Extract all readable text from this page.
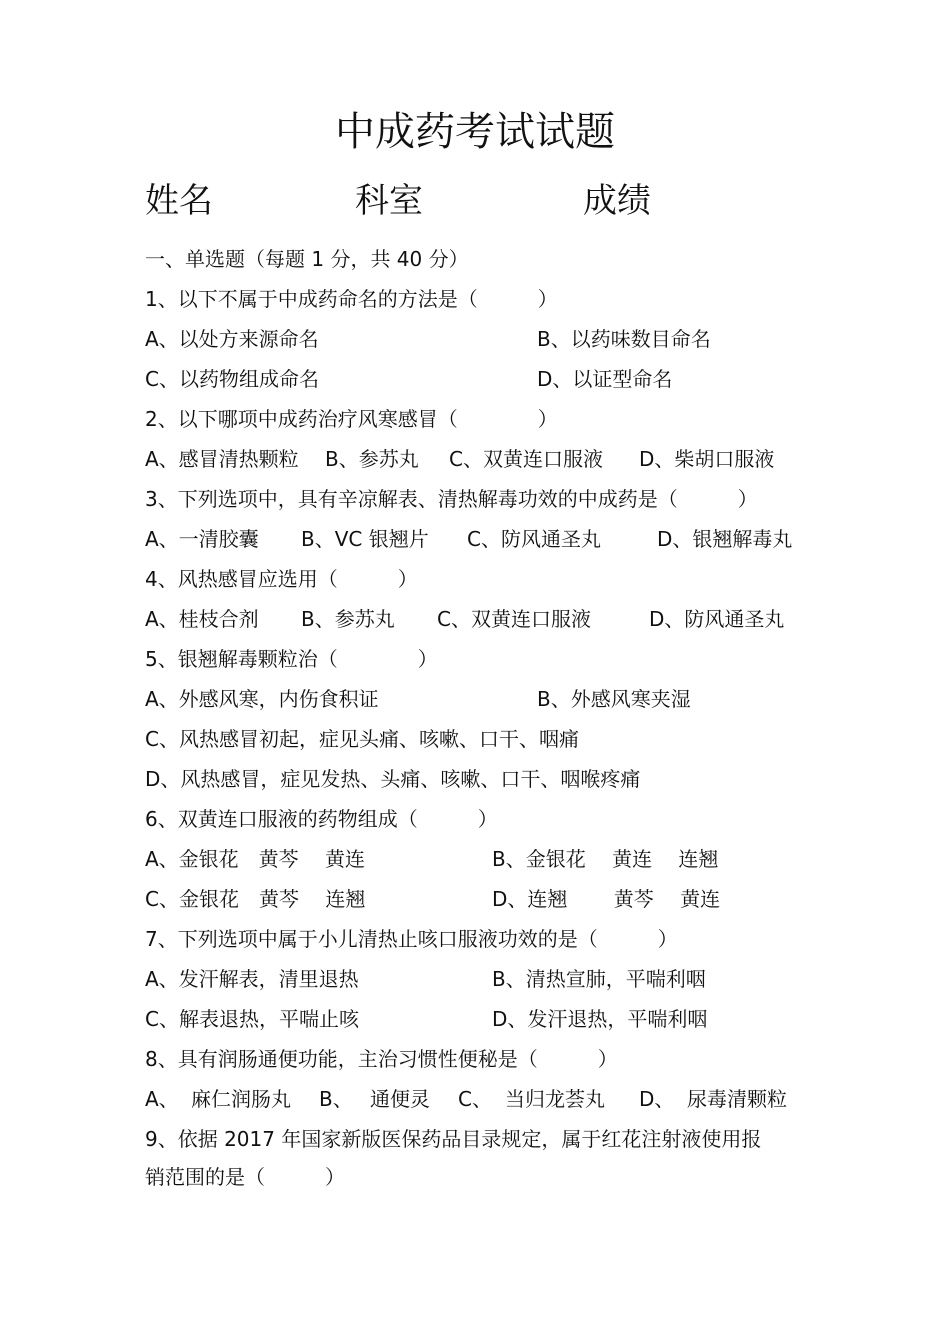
中成药考试试题
姓名	科室	成绩
一、单选题（每题 1 分，共 40 分）
1、以下不属于中成药命名的方法是（　　　）
A、以处方来源命名	B、以药味数目命名
C、以药物组成命名	D、以证型命名
2、以下哪项中成药治疗风寒感冒（　　　　）
A、感冒清热颗粒 B、参苏丸 C、双黄连口服液 D、柴胡口服液
3、下列选项中，具有辛凉解表、清热解毒功效的中成药是（　　　）
A、一清胶囊 B、VC 银翘片 C、防风通圣丸	D、银翘解毒丸
4、风热感冒应选用（　　　）
A、桂枝合剂 B、参苏丸 C、双黄连口服液	D、防风通圣丸
5、银翘解毒颗粒治（　　　　）
A、外感风寒，内伤食积证	B、外感风寒夹湿
C、风热感冒初起，症见头痛、咳嗽、口干、咽痛
D、风热感冒，症见发热、头痛、咳嗽、口干、咽喉疼痛
6、双黄连口服液的药物组成（　　　）
A、金银花　黄芩　 黄连	B、金银花　 黄连　 连翘
C、金银花　黄芩　 连翘	D、连翘　　 黄芩　 黄连
7、下列选项中属于小儿清热止咳口服液功效的是（　　　）
A、发汗解表，清里退热	B、清热宣肺，平喘利咽
C、解表退热，平喘止咳	D、发汗退热，平喘利咽
8、具有润肠通便功能，主治习惯性便秘是（　　　）
A、 麻仁润肠丸 B、 通便灵 C、 当归龙荟丸 D、 尿毒清颗粒
9、依据 2017 年国家新版医保药品目录规定，属于红花注射液使用报
销范围的是（　　　）
